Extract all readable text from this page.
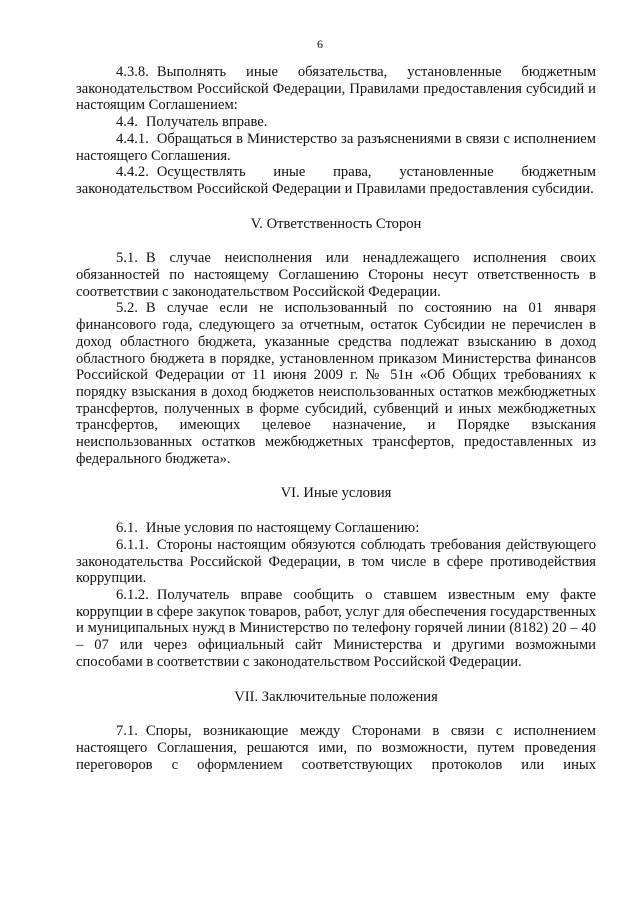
6

4.3.8. Выполнять иные обязательства, установленные бюджетным законодательством Российской Федерации, Правилами предоставления субсидий и настоящим Соглашением:

4.4. Получатель вправе.

4.4.1. Обращаться в Министерство за разъяснениями в связи с исполнением настоящего Соглашения.

4.4.2. Осуществлять иные права, установленные бюджетным законодательством Российской Федерации и Правилами предоставления субсидии.

V. Ответственность Сторон

5.1. В случае неисполнения или ненадлежащего исполнения своих обязанностей по настоящему Соглашению Стороны несут ответственность в соответствии с законодательством Российской Федерации.

5.2. В случае если не использованный по состоянию на 01 января финансового года, следующего за отчетным, остаток Субсидии не перечислен в доход областного бюджета, указанные средства подлежат взысканию в доход областного бюджета в порядке, установленном приказом Министерства финансов Российской Федерации от 11 июня 2009 г. № 51н «Об Общих требованиях к порядку взыскания в доход бюджетов неиспользованных остатков межбюджетных трансфертов, полученных в форме субсидий, субвенций и иных межбюджетных трансфертов, имеющих целевое назначение, и Порядке взыскания неиспользованных остатков межбюджетных трансфертов, предоставленных из федерального бюджета».

VI. Иные условия

6.1. Иные условия по настоящему Соглашению:

6.1.1. Стороны настоящим обязуются соблюдать требования действующего законодательства Российской Федерации, в том числе в сфере противодействия коррупции.

6.1.2. Получатель вправе сообщить о ставшем известным ему факте коррупции в сфере закупок товаров, работ, услуг для обеспечения государственных и муниципальных нужд в Министерство по телефону горячей линии (8182) 20 – 40 – 07 или через официальный сайт Министерства и другими возможными способами в соответствии с законодательством Российской Федерации.

VII. Заключительные положения

7.1. Споры, возникающие между Сторонами в связи с исполнением настоящего Соглашения, решаются ими, по возможности, путем проведения переговоров с оформлением соответствующих протоколов или иных
